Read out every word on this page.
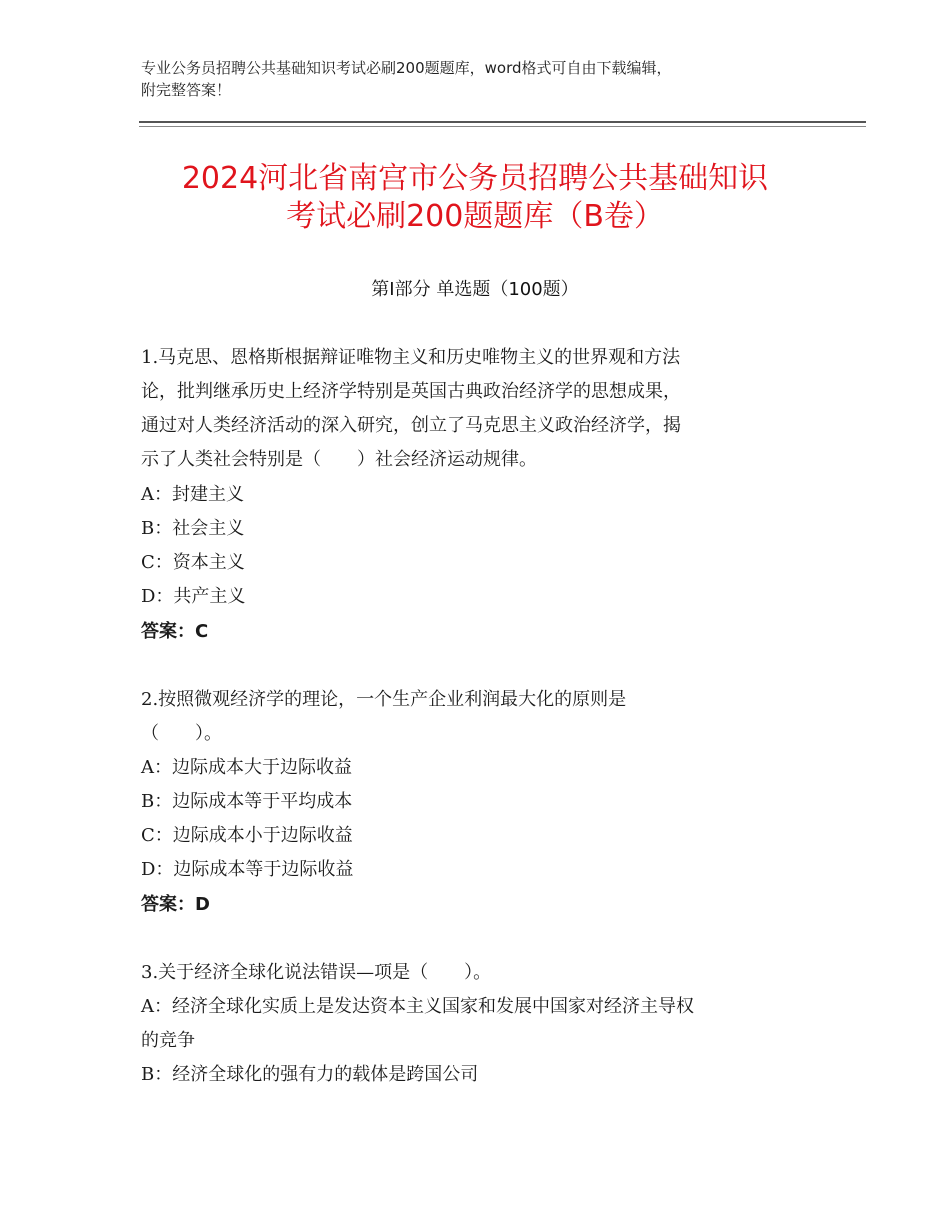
专业公务员招聘公共基础知识考试必刷200题题库，word格式可自由下载编辑，
附完整答案！
2024河北省南宫市公务员招聘公共基础知识
考试必刷200题题库（B卷）
第Ⅰ部分 单选题（100题）
1.马克思、恩格斯根据辩证唯物主义和历史唯物主义的世界观和方法
论，批判继承历史上经济学特别是英国古典政治经济学的思想成果，
通过对人类经济活动的深入研究，创立了马克思主义政治经济学，揭
示了人类社会特别是（　　）社会经济运动规律。
A：封建主义
B：社会主义
C：资本主义
D：共产主义
答案：C
2.按照微观经济学的理论，一个生产企业利润最大化的原则是
（　　）。
A：边际成本大于边际收益
B：边际成本等于平均成本
C：边际成本小于边际收益
D：边际成本等于边际收益
答案：D
3.关于经济全球化说法错误—项是（　　）。
A：经济全球化实质上是发达资本主义国家和发展中国家对经济主导权
的竞争
B：经济全球化的强有力的载体是跨国公司
